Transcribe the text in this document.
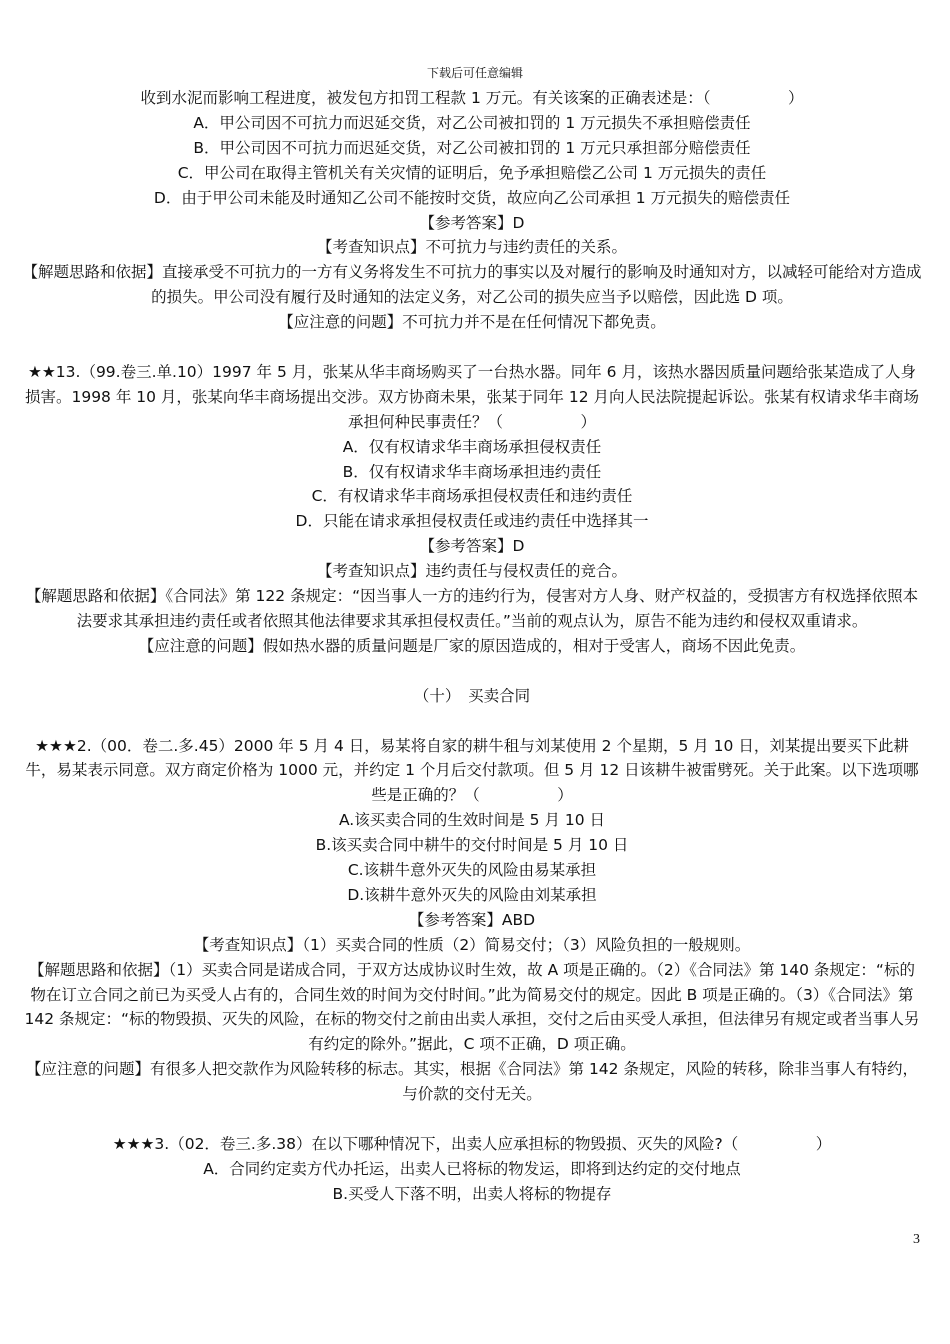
下载后可任意编辑

收到水泥而影响工程进度，被发包方扣罚工程款 1 万元。有关该案的正确表述是：（　　　　　）

A．甲公司因不可抗力而迟延交货，对乙公司被扣罚的 1 万元损失不承担赔偿责任

B．甲公司因不可抗力而迟延交货，对乙公司被扣罚的 1 万元只承担部分赔偿责任

C．甲公司在取得主管机关有关灾情的证明后，免予承担赔偿乙公司 1 万元损失的责任

D．由于甲公司未能及时通知乙公司不能按时交货，故应向乙公司承担 1 万元损失的赔偿责任

【参考答案】D

【考查知识点】不可抗力与违约责任的关系。

【解题思路和依据】直接承受不可抗力的一方有义务将发生不可抗力的事实以及对履行的影响及时通知对方，以减轻可能给对方造成的损失。甲公司没有履行及时通知的法定义务，对乙公司的损失应当予以赔偿，因此选 D 项。

【应注意的问题】不可抗力并不是在任何情况下都免责。

★★13.（99.卷三.单.10）1997 年 5 月，张某从华丰商场购买了一台热水器。同年 6 月，该热水器因质量问题给张某造成了人身损害。1998 年 10 月，张某向华丰商场提出交涉。双方协商未果，张某于同年 12 月向人民法院提起诉讼。张某有权请求华丰商场承担何种民事责任？（　　　　　）

A．仅有权请求华丰商场承担侵权责任

B．仅有权请求华丰商场承担违约责任

C．有权请求华丰商场承担侵权责任和违约责任

D．只能在请求承担侵权责任或违约责任中选择其一

【参考答案】D

【考查知识点】违约责任与侵权责任的竞合。

【解题思路和依据】《合同法》第 122 条规定：“因当事人一方的违约行为，侵害对方人身、财产权益的，受损害方有权选择依照本法要求其承担违约责任或者依照其他法律要求其承担侵权责任。”当前的观点认为，原告不能为违约和侵权双重请求。

【应注意的问题】假如热水器的质量问题是厂家的原因造成的，相对于受害人，商场不因此免责。

（十）　买卖合同

★★★2.（00．卷二.多.45）2000 年 5 月 4 日，易某将自家的耕牛租与刘某使用 2 个星期，5 月 10 日，刘某提出要买下此耕牛，易某表示同意。双方商定价格为 1000 元，并约定 1 个月后交付款项。但 5 月 12 日该耕牛被雷劈死。关于此案。以下选项哪些是正确的？（　　　　　）

A.该买卖合同的生效时间是 5 月 10 日

B.该买卖合同中耕牛的交付时间是 5 月 10 日

C.该耕牛意外灭失的风险由易某承担

D.该耕牛意外灭失的风险由刘某承担

【参考答案】ABD

【考查知识点】（1）买卖合同的性质（2）简易交付；（3）风险负担的一般规则。

【解题思路和依据】（1）买卖合同是诺成合同，于双方达成协议时生效，故 A 项是正确的。（2）《合同法》第 140 条规定：“标的物在订立合同之前已为买受人占有的，合同生效的时间为交付时间。”此为简易交付的规定。因此 B 项是正确的。（3）《合同法》第 142 条规定：“标的物毁损、灭失的风险，在标的物交付之前由出卖人承担，交付之后由买受人承担，但法律另有规定或者当事人另有约定的除外。”据此，C 项不正确，D 项正确。

【应注意的问题】有很多人把交款作为风险转移的标志。其实，根据《合同法》第 142 条规定，风险的转移，除非当事人有特约，与价款的交付无关。

★★★3.（02．卷三.多.38）在以下哪种情况下，出卖人应承担标的物毁损、灭失的风险?（　　　　　）

A．合同约定卖方代办托运，出卖人已将标的物发运，即将到达约定的交付地点

B.买受人下落不明，出卖人将标的物提存

3
